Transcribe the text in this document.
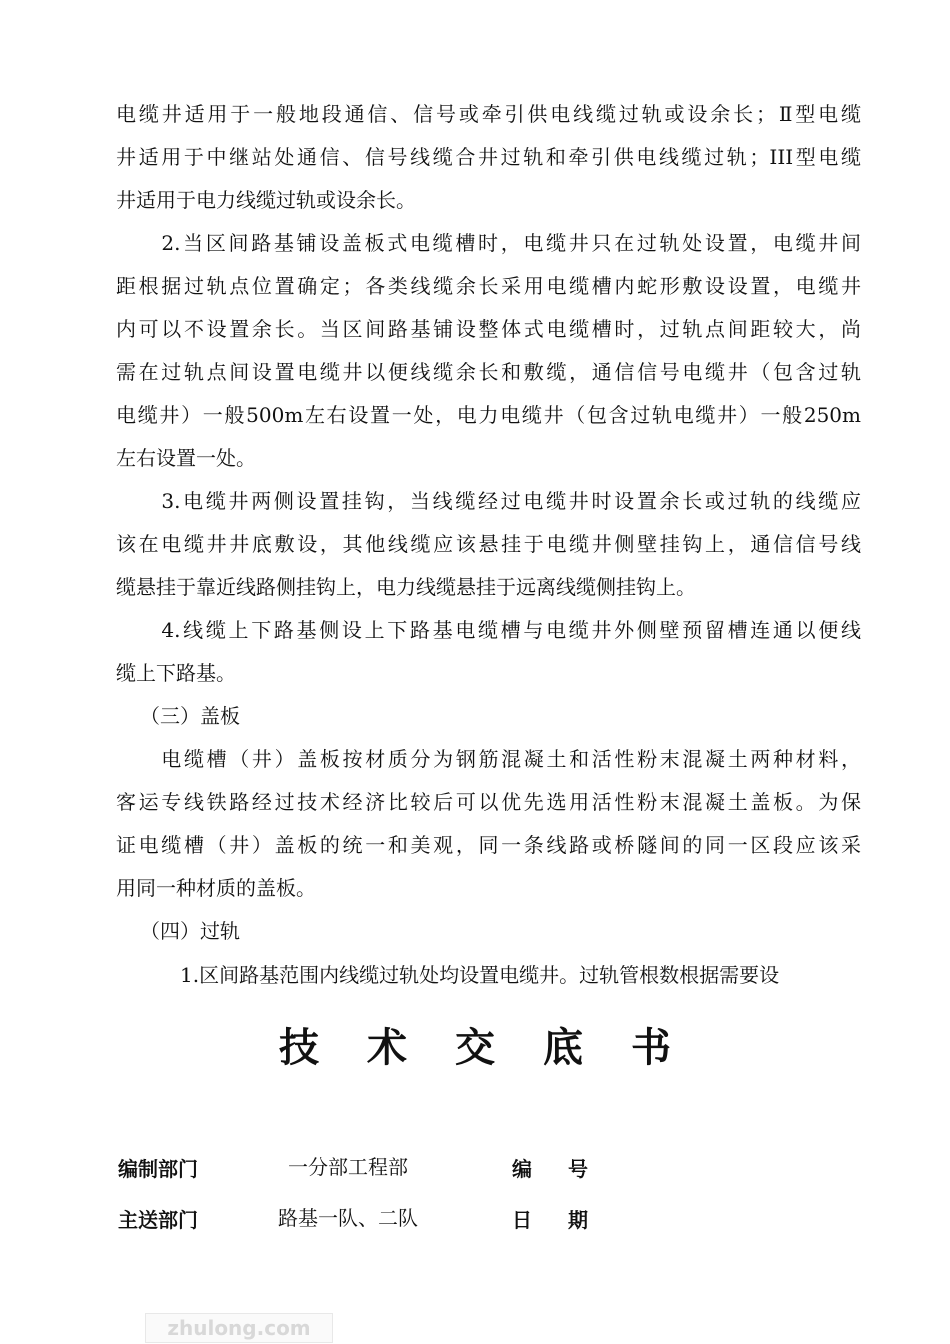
电缆井适用于一般地段通信、信号或牵引供电线缆过轨或设余长；Ⅱ型电缆
井适用于中继站处通信、信号线缆合井过轨和牵引供电线缆过轨；III型电缆
井适用于电力线缆过轨或设余长。
　　2.当区间路基铺设盖板式电缆槽时，电缆井只在过轨处设置，电缆井间
距根据过轨点位置确定；各类线缆余长采用电缆槽内蛇形敷设设置，电缆井
内可以不设置余长。当区间路基铺设整体式电缆槽时，过轨点间距较大，尚
需在过轨点间设置电缆井以便线缆余长和敷缆，通信信号电缆井（包含过轨
电缆井）一般500m左右设置一处，电力电缆井（包含过轨电缆井）一般250m
左右设置一处。
　　3.电缆井两侧设置挂钩，当线缆经过电缆井时设置余长或过轨的线缆应
该在电缆井井底敷设，其他线缆应该悬挂于电缆井侧壁挂钩上，通信信号线
缆悬挂于靠近线路侧挂钩上，电力线缆悬挂于远离线缆侧挂钩上。
　　4.线缆上下路基侧设上下路基电缆槽与电缆井外侧壁预留槽连通以便线
缆上下路基。
（三）盖板
　　电缆槽（井）盖板按材质分为钢筋混凝土和活性粉末混凝土两种材料，
客运专线铁路经过技术经济比较后可以优先选用活性粉末混凝土盖板。为保
证电缆槽（井）盖板的统一和美观，同一条线路或桥隧间的同一区段应该采
用同一种材质的盖板。
（四）过轨
　　1.区间路基范围内线缆过轨处均设置电缆井。过轨管根数根据需要设
技术交底书
编制部门	一分部工程部	编号
主送部门	路基一队、二队	日期
zhulong.com
